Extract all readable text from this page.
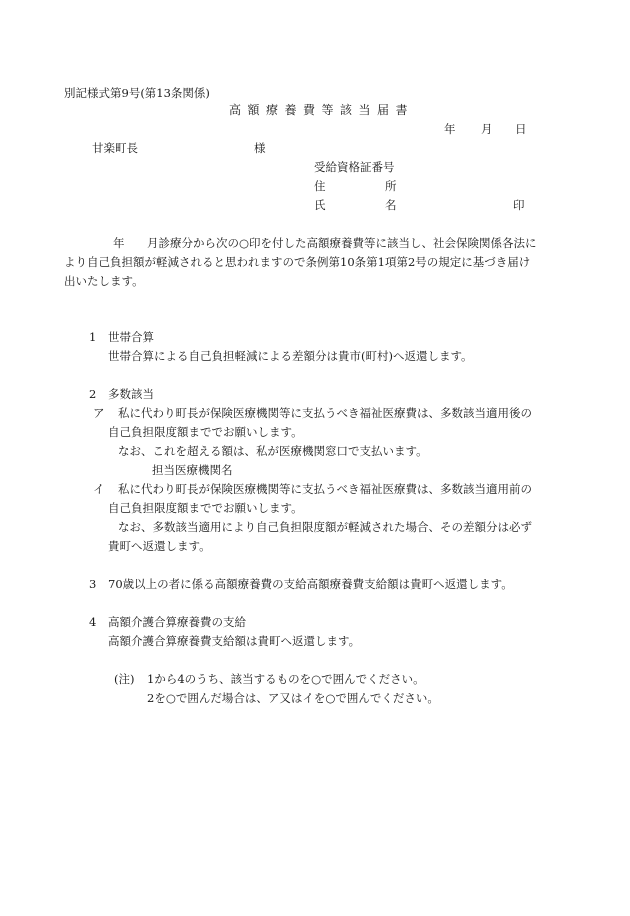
別記様式第9号(第13条関係)
高額療養費等該当届書
年 月 日
甘楽町長	様
受給資格証番号
住	所
氏	名	印
年 月診療分から次の○印を付した高額療養費等に該当し、社会保険関係各法に
より自己負担額が軽減されると思われますので条例第10条第1項第2号の規定に基づき届け
出いたします。
1 世帯合算
世帯合算による自己負担軽減による差額分は貴市(町村)へ返還します。
2 多数該当
ア 私に代わり町長が保険医療機関等に支払うべき福祉医療費は、多数該当適用後の
自己負担限度額まででお願いします。
なお、これを超える額は、私が医療機関窓口で支払います。
担当医療機関名
イ 私に代わり町長が保険医療機関等に支払うべき福祉医療費は、多数該当適用前の
自己負担限度額まででお願いします。
なお、多数該当適用により自己負担限度額が軽減された場合、その差額分は必ず
貴町へ返還します。
3 70歳以上の者に係る高額療養費の支給高額療養費支給額は貴町へ返還します。
4 高額介護合算療養費の支給
高額介護合算療養費支給額は貴町へ返還します。
(注) 1から4のうち、該当するものを○で囲んでください。
2を○で囲んだ場合は、ア又はイを○で囲んでください。
